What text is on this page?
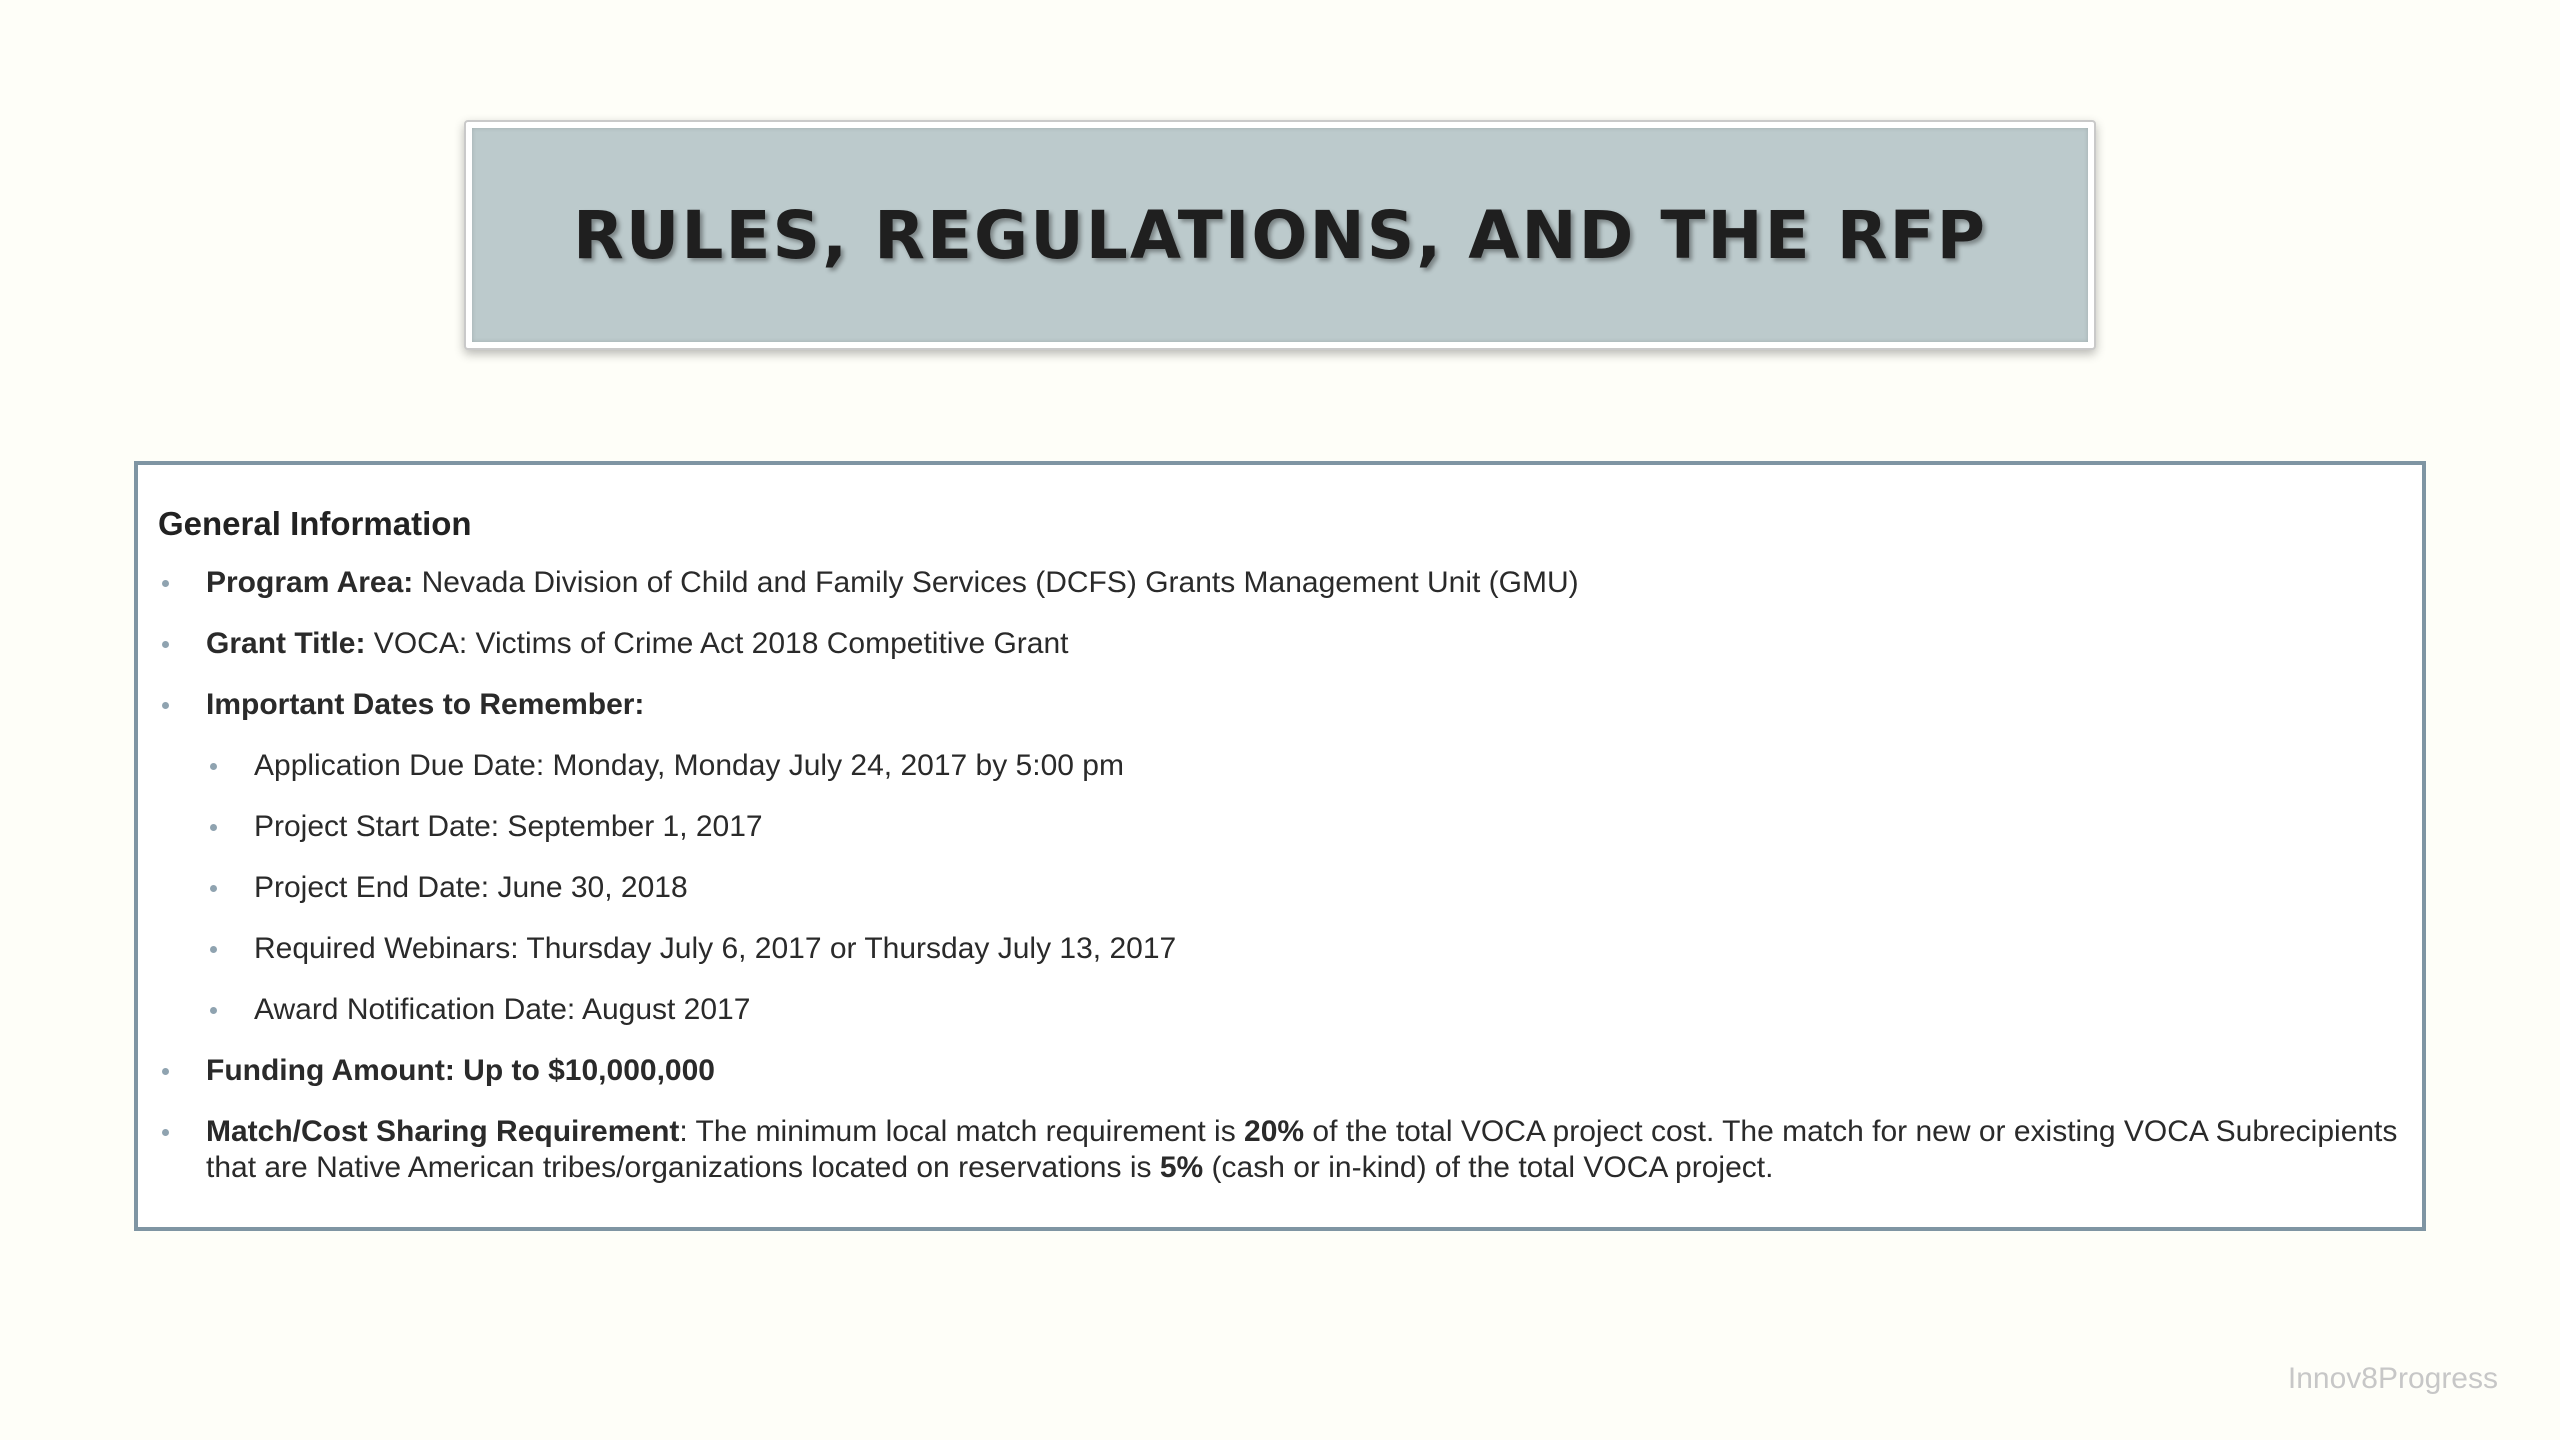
RULES, REGULATIONS, AND THE RFP
General Information
Program Area: Nevada Division of Child and Family Services (DCFS) Grants Management Unit (GMU)
Grant Title: VOCA: Victims of Crime Act 2018 Competitive Grant
Important Dates to Remember:
Application Due Date: Monday, Monday July 24, 2017 by 5:00 pm
Project Start Date: September 1, 2017
Project End Date: June 30, 2018
Required Webinars: Thursday July 6, 2017 or Thursday July 13, 2017
Award Notification Date: August 2017
Funding Amount: Up to $10,000,000
Match/Cost Sharing Requirement: The minimum local match requirement is 20% of the total VOCA project cost. The match for new or existing VOCA Subrecipients that are Native American tribes/organizations located on reservations is 5% (cash or in-kind) of the total VOCA project.
Innov8Progress
